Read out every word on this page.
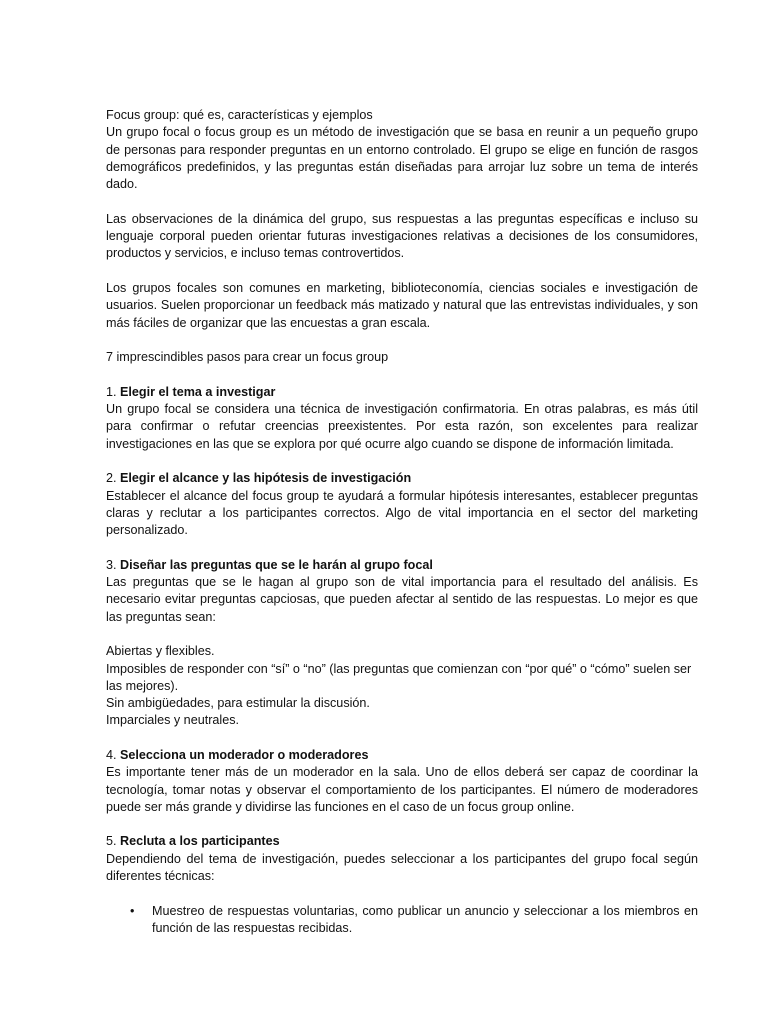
Focus group: qué es, características y ejemplos

Un grupo focal o focus group es un método de investigación que se basa en reunir a un pequeño grupo de personas para responder preguntas en un entorno controlado. El grupo se elige en función de rasgos demográficos predefinidos, y las preguntas están diseñadas para arrojar luz sobre un tema de interés dado.

Las observaciones de la dinámica del grupo, sus respuestas a las preguntas específicas e incluso su lenguaje corporal pueden orientar futuras investigaciones relativas a decisiones de los consumidores, productos y servicios, e incluso temas controvertidos.

Los grupos focales son comunes en marketing, biblioteconomía, ciencias sociales e investigación de usuarios. Suelen proporcionar un feedback más matizado y natural que las entrevistas individuales, y son más fáciles de organizar que las encuestas a gran escala.

7 imprescindibles pasos para crear un focus group

1. Elegir el tema a investigar

Un grupo focal se considera una técnica de investigación confirmatoria. En otras palabras, es más útil para confirmar o refutar creencias preexistentes. Por esta razón, son excelentes para realizar investigaciones en las que se explora por qué ocurre algo cuando se dispone de información limitada.

2. Elegir el alcance y las hipótesis de investigación

Establecer el alcance del focus group te ayudará a formular hipótesis interesantes, establecer preguntas claras y reclutar a los participantes correctos. Algo de vital importancia en el sector del marketing personalizado.

3. Diseñar las preguntas que se le harán al grupo focal

Las preguntas que se le hagan al grupo son de vital importancia para el resultado del análisis. Es necesario evitar preguntas capciosas, que pueden afectar al sentido de las respuestas. Lo mejor es que las preguntas sean:

Abiertas y flexibles.

Imposibles de responder con “sí” o “no” (las preguntas que comienzan con “por qué” o “cómo” suelen ser las mejores).

Sin ambigüedades, para estimular la discusión.

Imparciales y neutrales.

4. Selecciona un moderador o moderadores

Es importante tener más de un moderador en la sala. Uno de ellos deberá ser capaz de coordinar la tecnología, tomar notas y observar el comportamiento de los participantes. El número de moderadores puede ser más grande y dividirse las funciones en el caso de un focus group online.

5. Recluta a los participantes

Dependiendo del tema de investigación, puedes seleccionar a los participantes del grupo focal según diferentes técnicas:

• Muestreo de respuestas voluntarias, como publicar un anuncio y seleccionar a los miembros en función de las respuestas recibidas.
